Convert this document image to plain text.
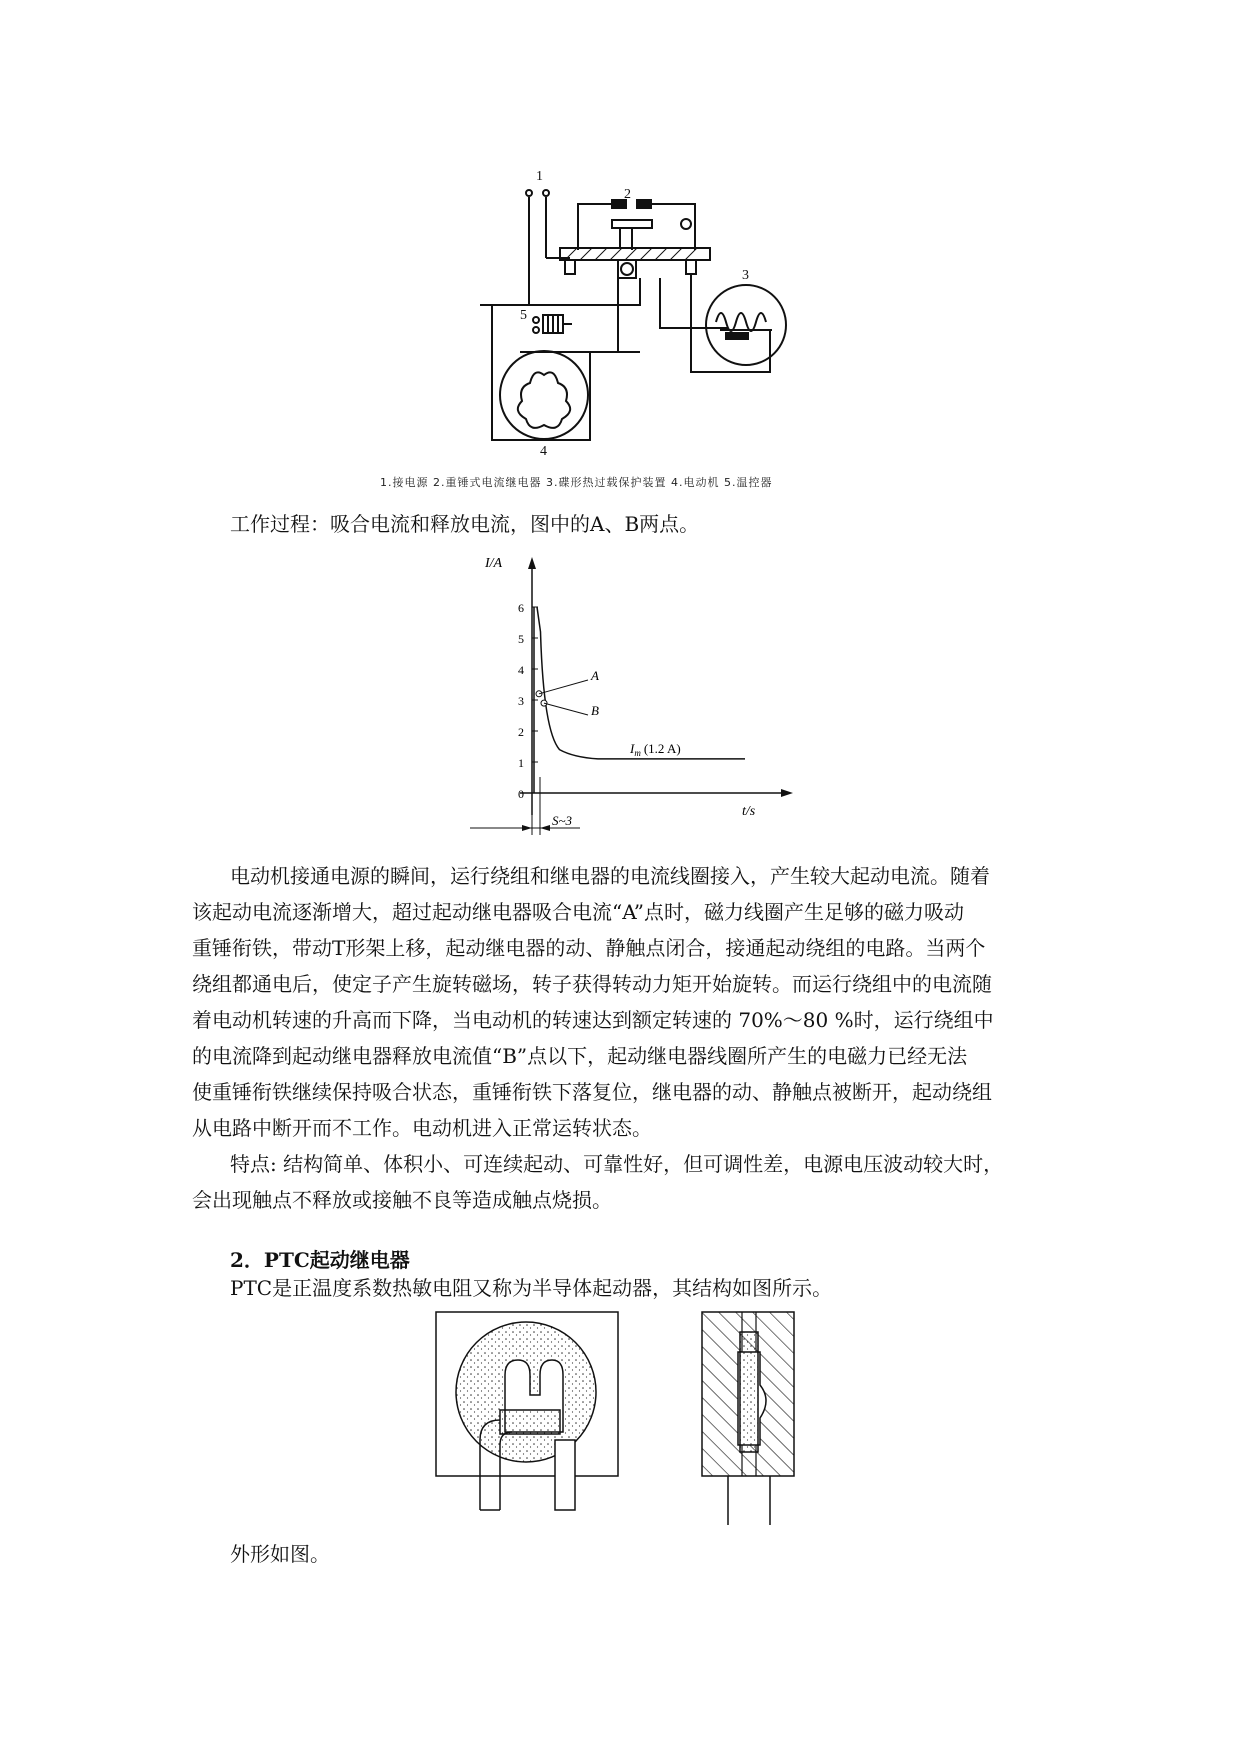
1
2
3
4
5
1.接电源 2.重锤式电流继电器 3.碟形热过载保护装置 4.电动机 5.温控器
工作过程：吸合电流和释放电流，图中的A、B两点。
0
1
2
3
4
5
6
I/A
t/s
A
B
$I_m$ (1.2 A)
S~3
电动机接通电源的瞬间，运行绕组和继电器的电流线圈接入，产生较大起动电流。随着
该起动电流逐渐增大，超过起动继电器吸合电流“A”点时，磁力线圈产生足够的磁力吸动
重锤衔铁，带动T形架上移，起动继电器的动、静触点闭合，接通起动绕组的电路。当两个
绕组都通电后，使定子产生旋转磁场，转子获得转动力矩开始旋转。而运行绕组中的电流随
着电动机转速的升高而下降，当电动机的转速达到额定转速的 70%～80 %时，运行绕组中
的电流降到起动继电器释放电流值“B”点以下，起动继电器线圈所产生的电磁力已经无法
使重锤衔铁继续保持吸合状态，重锤衔铁下落复位，继电器的动、静触点被断开，起动绕组
从电路中断开而不工作。电动机进入正常运转状态。
特点: 结构简单、体积小、可连续起动、可靠性好，但可调性差，电源电压波动较大时，
会出现触点不释放或接触不良等造成触点烧损。
2．PTC起动继电器
PTC是正温度系数热敏电阻又称为半导体起动器，其结构如图所示。
外形如图。
